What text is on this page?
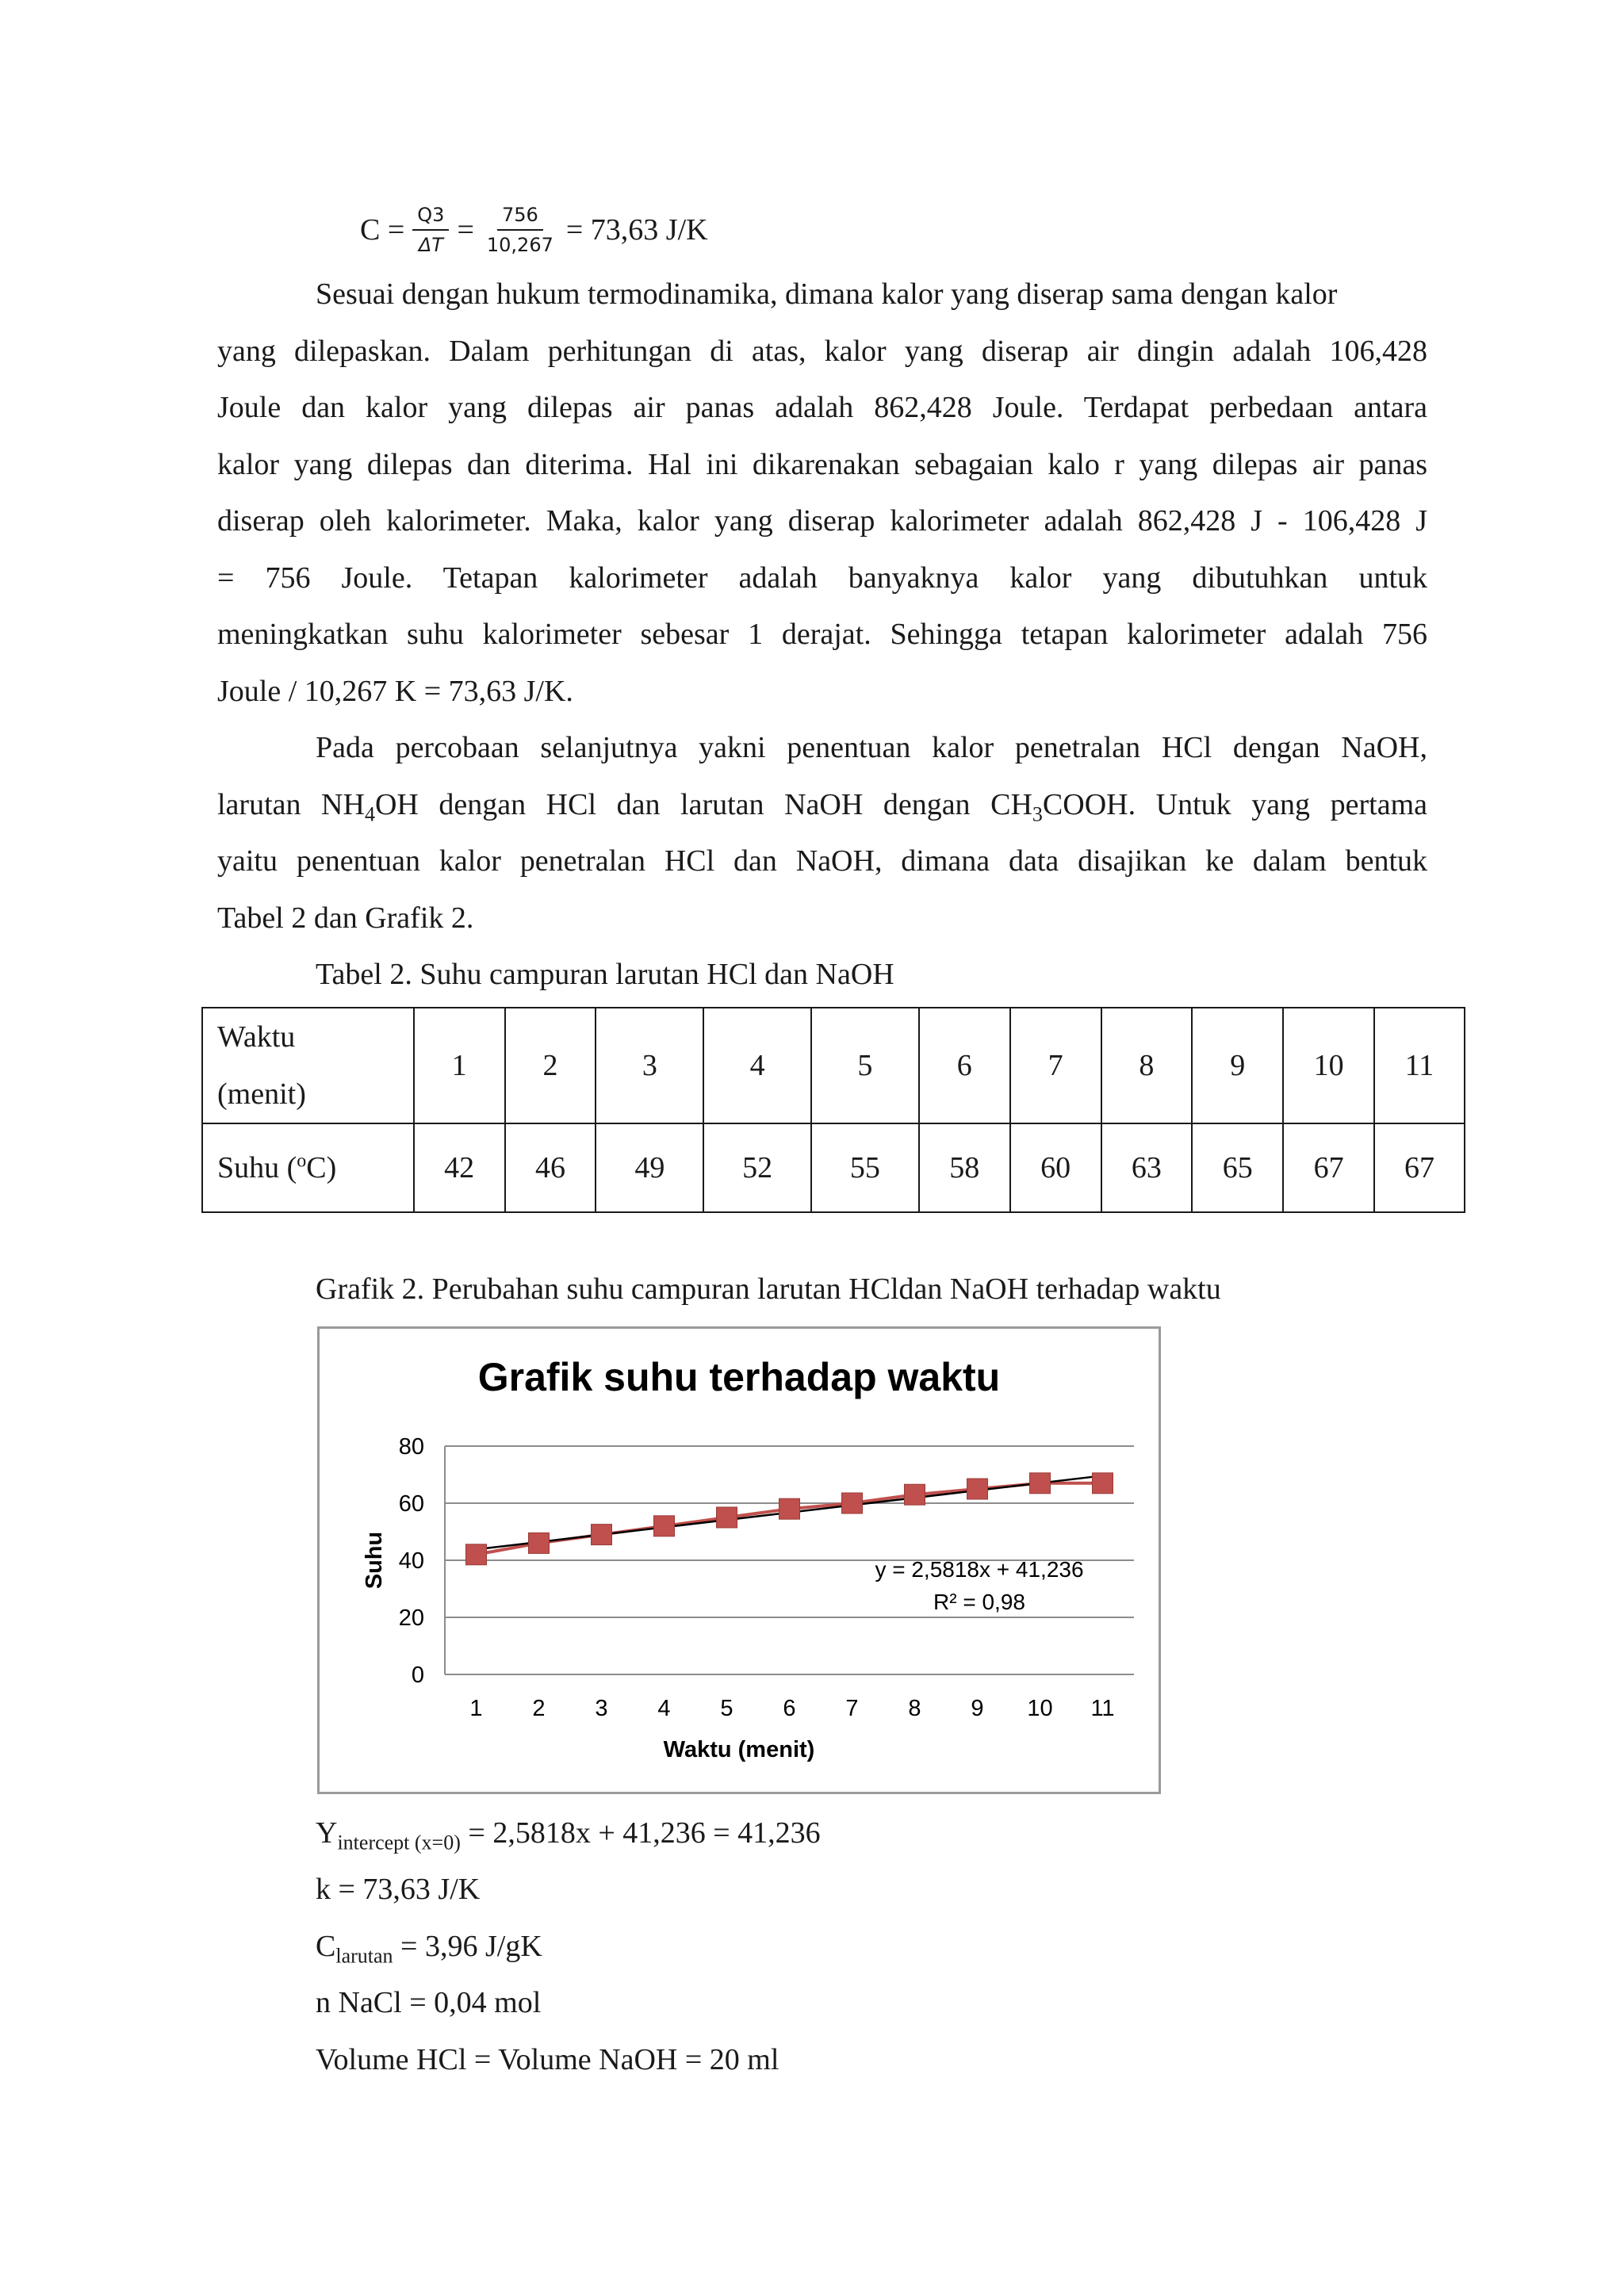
$C = \frac{Q3}{\Delta T} = \frac{756}{10,267} = 73,63$ J/K
Sesuai dengan hukum termodinamika, dimana kalor yang diserap sama dengan kalor
yang dilepaskan. Dalam perhitungan di atas, kalor yang diserap air dingin adalah 106,428
Joule dan kalor yang dilepas air panas adalah 862,428 Joule. Terdapat perbedaan antara
kalor yang dilepas dan diterima. Hal ini dikarenakan sebagaian kalo r yang dilepas air panas
diserap oleh kalorimeter. Maka, kalor yang diserap kalorimeter adalah 862,428 J - 106,428 J
= 756 Joule. Tetapan kalorimeter adalah banyaknya kalor yang dibutuhkan untuk
meningkatkan suhu kalorimeter sebesar 1 derajat. Sehingga tetapan kalorimeter adalah 756
Joule / 10,267 K = 73,63 J/K.
Pada percobaan selanjutnya yakni penentuan kalor penetralan HCl dengan NaOH,
larutan $NH_4OH$ dengan HCl dan larutan NaOH dengan $CH_3COOH$. Untuk yang pertama
yaitu penentuan kalor penetralan HCl dan NaOH, dimana data disajikan ke dalam bentuk
Tabel 2 dan Grafik 2.
Tabel 2. Suhu campuran larutan HCl dan NaOH
Waktu
(menit)	1	2	3	4	5	6	7	8	9	10	11
Suhu ($^o$C)	42	46	49	52	55	58	60	63	65	67	67
Grafik 2. Perubahan suhu campuran larutan HCldan NaOH terhadap waktu
Grafik suhu terhadap waktu
0
20
40
60
80
1 2 3 4 5 6 7 8 9 10 11
Waktu (menit)
Suhu	y = 2,5818x + 41,236
R² = 0,98
$Y_{intercept (x=0)} = 2,5818x + 41,236 = 41,236$
k = 73,63 J/K
$C_{larutan} = 3,96$ J/gK
n NaCl = 0,04 mol
Volume HCl = Volume NaOH = 20 ml
